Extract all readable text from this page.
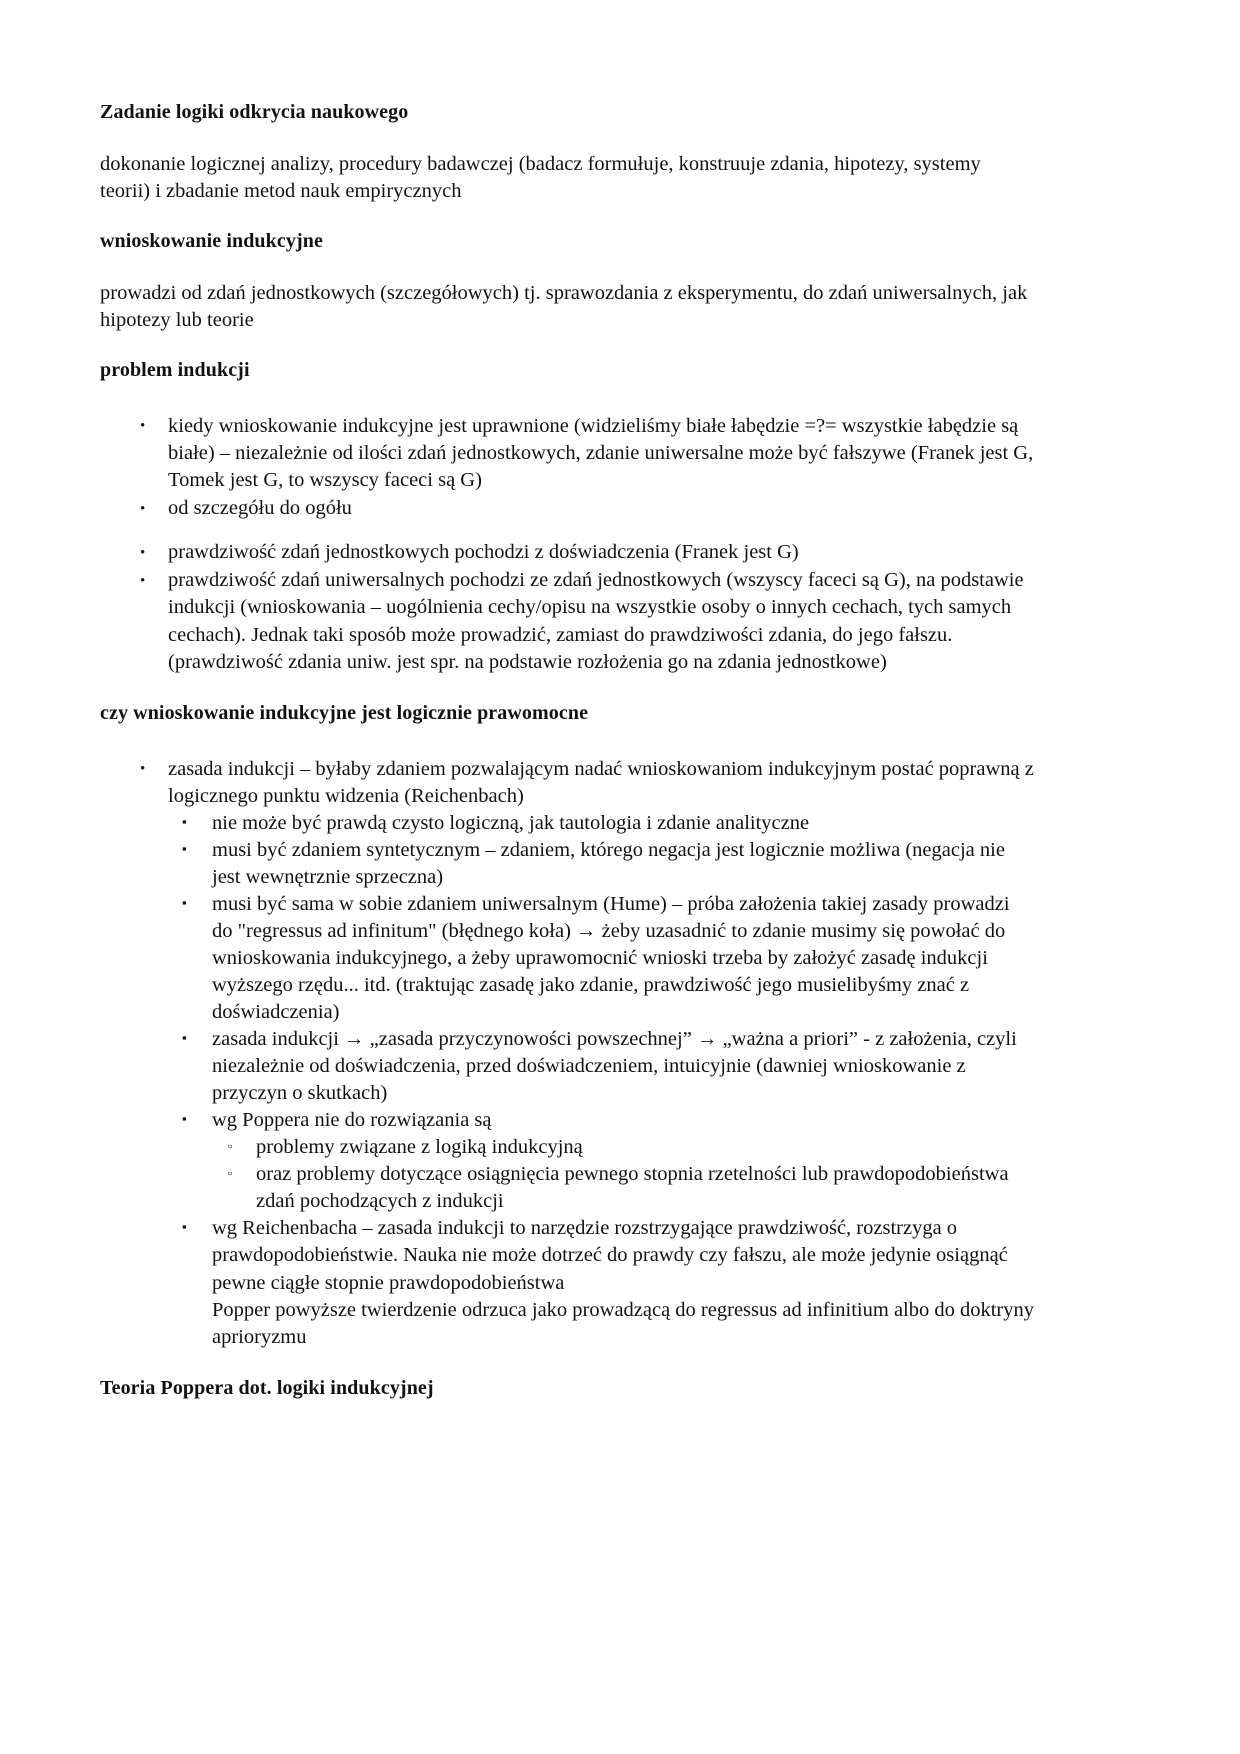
Zadanie logiki odkrycia naukowego

dokonanie logicznej analizy, procedury badawczej (badacz formułuje, konstruuje zdania, hipotezy, systemy teorii) i zbadanie metod nauk empirycznych

wnioskowanie indukcyjne

prowadzi od zdań jednostkowych (szczegółowych) tj. sprawozdania z eksperymentu, do zdań uniwersalnych, jak hipotezy lub teorie

problem indukcji
• kiedy wnioskowanie indukcyjne jest uprawnione (widzieliśmy białe łabędzie =?= wszystkie łabędzie są białe) – niezależnie od ilości zdań jednostkowych, zdanie uniwersalne może być fałszywe (Franek jest G, Tomek jest G, to wszyscy faceci są G)
• od szczegółu do ogółu
• prawdziwość zdań jednostkowych pochodzi z doświadczenia (Franek jest G)
• prawdziwość zdań uniwersalnych pochodzi ze zdań jednostkowych (wszyscy faceci są G), na podstawie indukcji (wnioskowania – uogólnienia cechy/opisu na wszystkie osoby o innych cechach, tych samych cechach). Jednak taki sposób może prowadzić, zamiast do prawdziwości zdania, do jego fałszu. (prawdziwość zdania uniw. jest spr. na podstawie rozłożenia go na zdania jednostkowe)
czy wnioskowanie indukcyjne jest logicznie prawomocne
• zasada indukcji – byłaby zdaniem pozwalającym nadać wnioskowaniom indukcyjnym postać poprawną z logicznego punktu widzenia (Reichenbach)
▪ nie może być prawdą czysto logiczną, jak tautologia i zdanie analityczne
▪ musi być zdaniem syntetycznym – zdaniem, którego negacja jest logicznie możliwa (negacja nie jest wewnętrznie sprzeczna)
▪ musi być sama w sobie zdaniem uniwersalnym (Hume) – próba założenia takiej zasady prowadzi do "regressus ad infinitum" (błędnego koła) → żeby uzasadnić to zdanie musimy się powołać do wnioskowania indukcyjnego, a żeby uprawomocnić wnioski trzeba by założyć zasadę indukcji wyższego rzędu... itd. (traktując zasadę jako zdanie, prawdziwość jego musielibyśmy znać z doświadczenia)
▪ zasada indukcji → „zasada przyczynowości powszechnej” → „ważna a priori” - z założenia, czyli niezależnie od doświadczenia, przed doświadczeniem, intuicyjnie (dawniej wnioskowanie z przyczyn o skutkach)
▪ wg Poppera nie do rozwiązania są
▫ problemy związane z logiką indukcyjną
▫ oraz problemy dotyczące osiągnięcia pewnego stopnia rzetelności lub prawdopodobieństwa zdań pochodzących z indukcji
▪ wg Reichenbacha – zasada indukcji to narzędzie rozstrzygające prawdziwość, rozstrzyga o prawdopodobieństwie. Nauka nie może dotrzeć do prawdy czy fałszu, ale może jedynie osiągnąć pewne ciągłe stopnie prawdopodobieństwa
Popper powyższe twierdzenie odrzuca jako prowadzącą do regressus ad infinitium albo do doktryny aprioryzmu
Teoria Poppera dot. logiki indukcyjnej
